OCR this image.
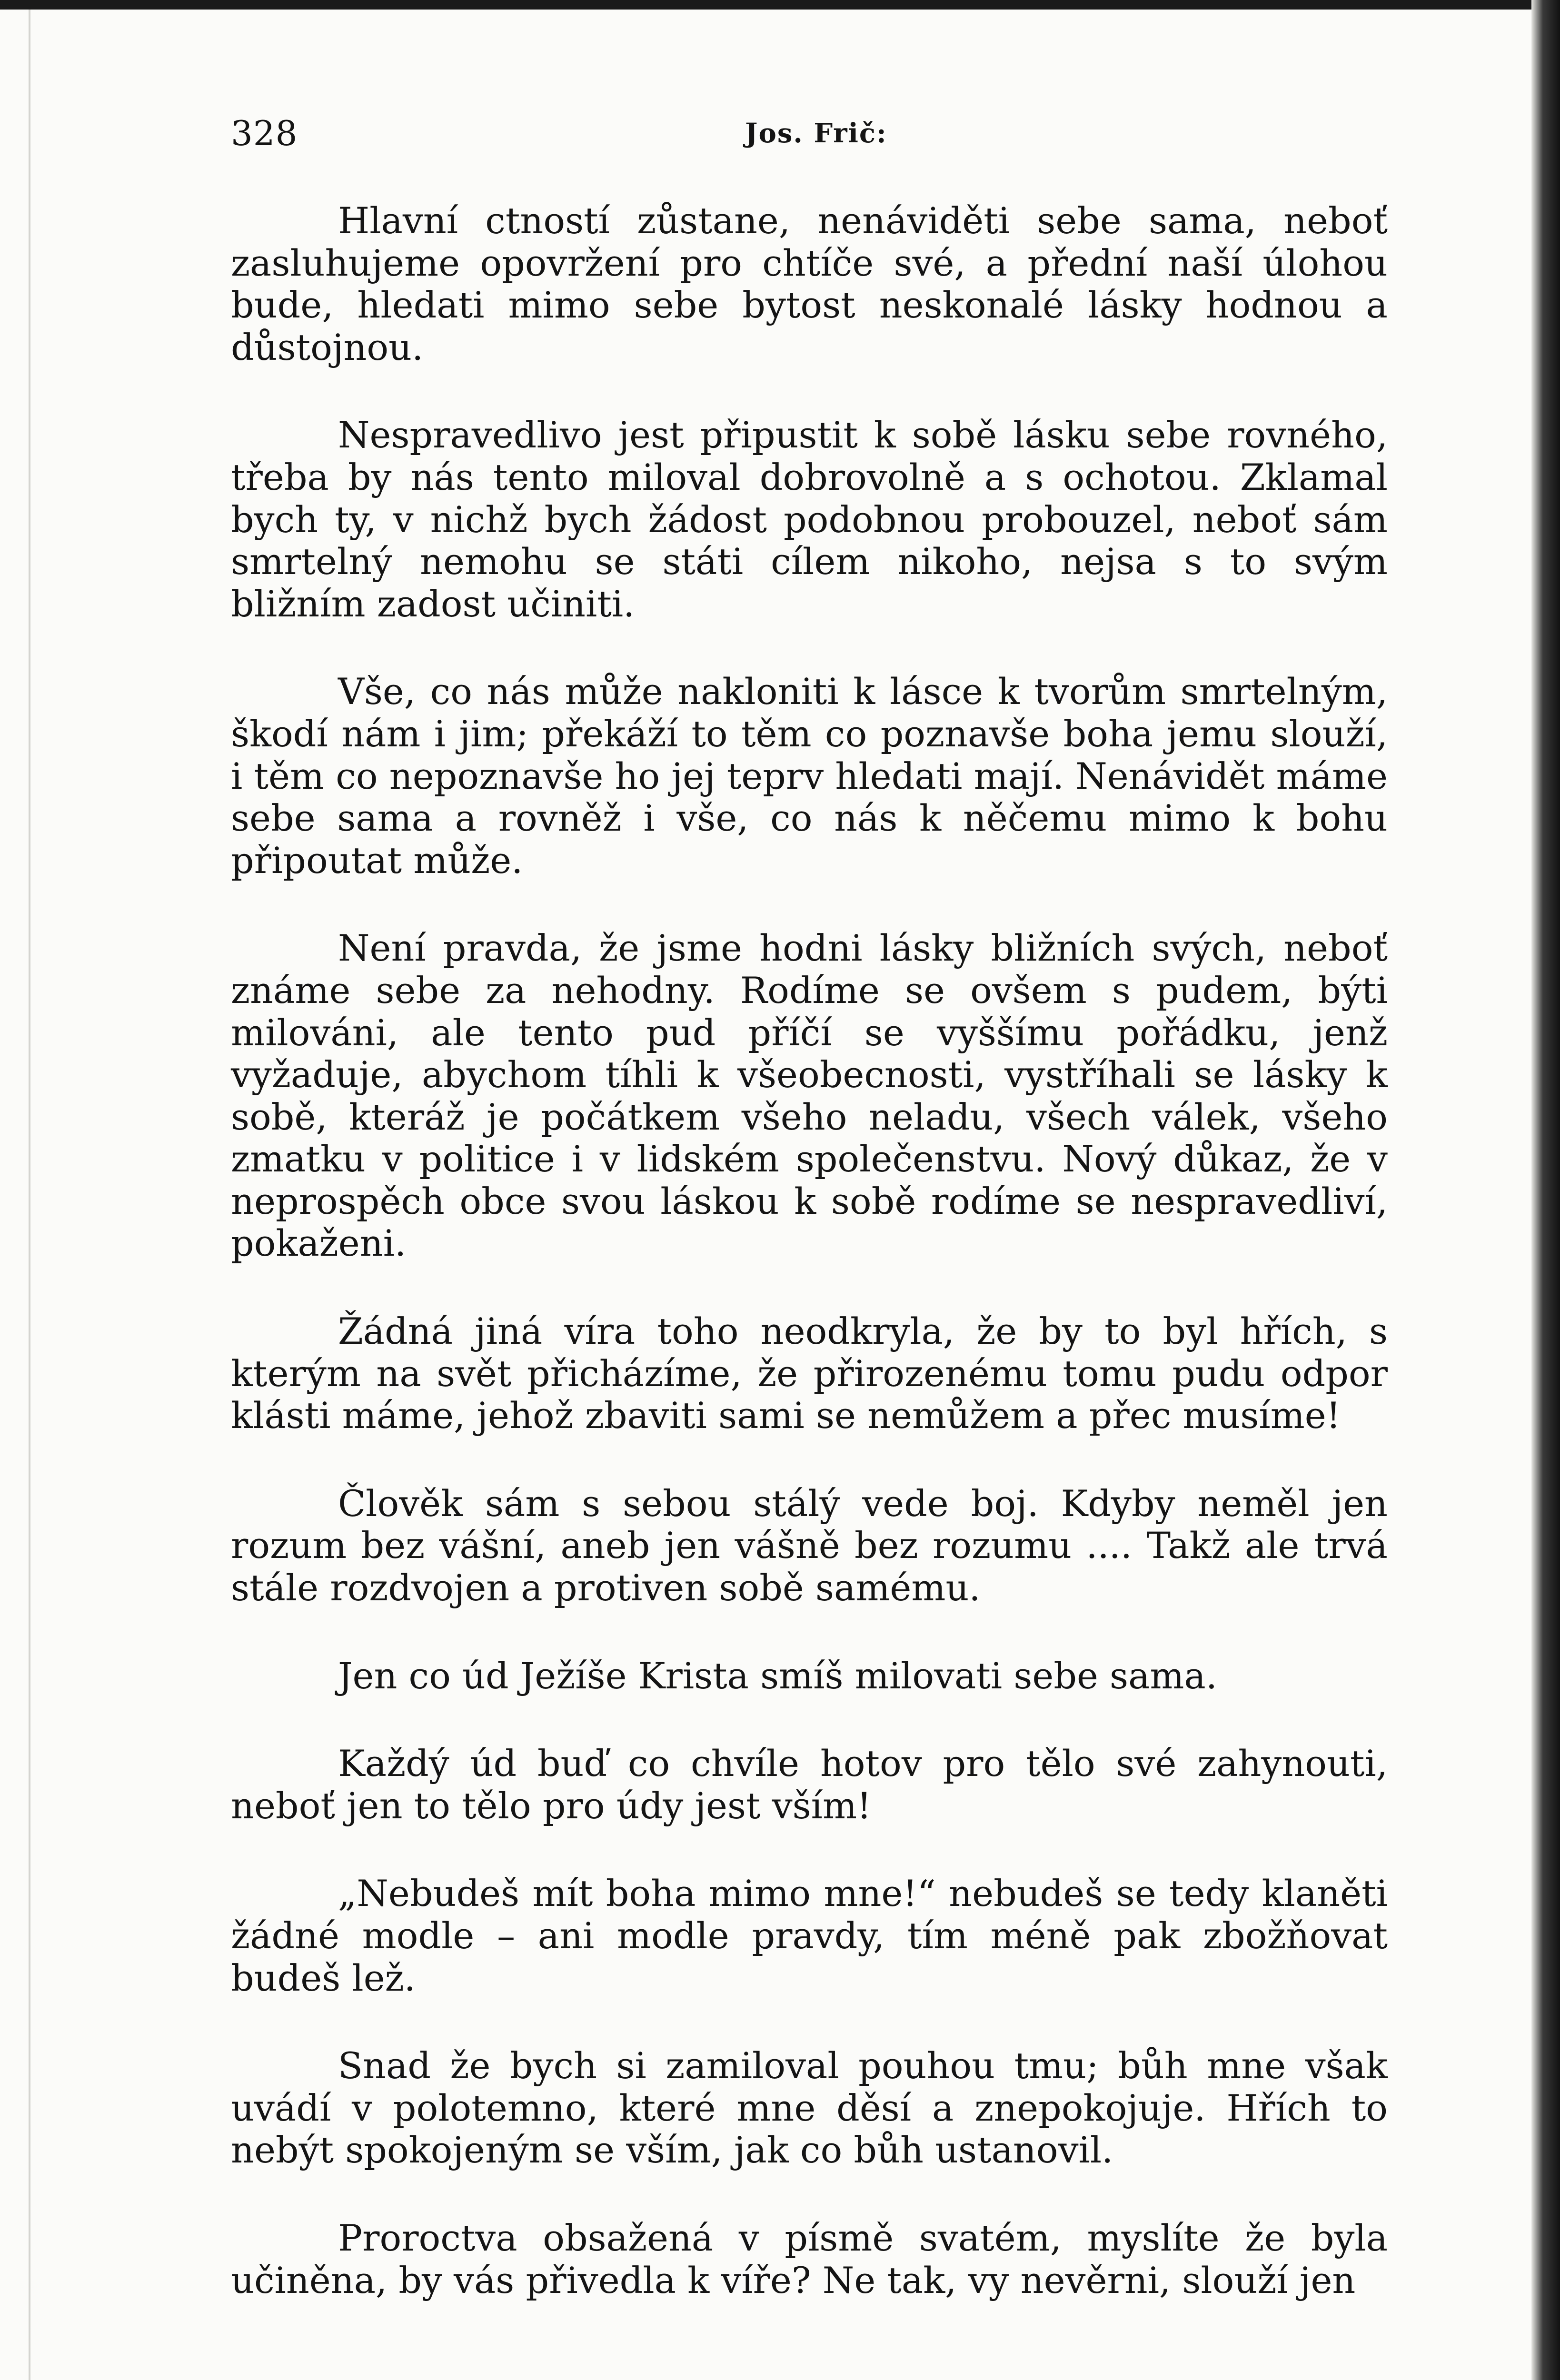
328	Jos. Frič:

Hlavní ctností zůstane, nenáviděti sebe sama, neboť zasluhujeme opovržení pro chtíče své, a přední naší úlohou bude, hledati mimo sebe bytost neskonalé lásky hodnou a důstojnou.

Nespravedlivo jest připustit k sobě lásku sebe rovného, třeba by nás tento miloval dobrovolně a s ochotou. Zklamal bych ty, v nichž bych žádost podobnou probouzel, neboť sám smrtelný nemohu se státi cílem nikoho, nejsa s to svým bližním zadost učiniti.

Vše, co nás může nakloniti k lásce k tvorům smrtelným, škodí nám i jim; překáží to těm co poznavše boha jemu slouží, i těm co nepoznavše ho jej teprv hledati mají. Nenávidět máme sebe sama a rovněž i vše, co nás k něčemu mimo k bohu připoutat může.

Není pravda, že jsme hodni lásky bližních svých, neboť známe sebe za nehodny. Rodíme se ovšem s pudem, býti milováni, ale tento pud příčí se vyššímu pořádku, jenž vyžaduje, abychom tíhli k všeobecnosti, vystříhali se lásky k sobě, kteráž je počátkem všeho neladu, všech válek, všeho zmatku v politice i v lidském společenstvu. Nový důkaz, že v neprospěch obce svou láskou k sobě rodíme se nespravedliví, pokaženi.

Žádná jiná víra toho neodkryla, že by to byl hřích, s kterým na svět přicházíme, že přirozenému tomu pudu odpor klásti máme, jehož zbaviti sami se nemůžem a přec musíme!

Člověk sám s sebou stálý vede boj. Kdyby neměl jen rozum bez vášní, aneb jen vášně bez rozumu .... Takž ale trvá stále rozdvojen a protiven sobě samému.

Jen co úd Ježíše Krista smíš milovati sebe sama.

Každý úd buď co chvíle hotov pro tělo své zahynouti, neboť jen to tělo pro údy jest vším!

„Nebudeš mít boha mimo mne!“ nebudeš se tedy klaněti žádné modle – ani modle pravdy, tím méně pak zbožňovat budeš lež.

Snad že bych si zamiloval pouhou tmu; bůh mne však uvádí v polotemno, které mne děsí a znepokojuje. Hřích to nebýt spokojeným se vším, jak co bůh ustanovil.

Proroctva obsažená v písmě svatém, myslíte že byla učiněna, by vás přivedla k víře? Ne tak, vy nevěrni, slouží jen
